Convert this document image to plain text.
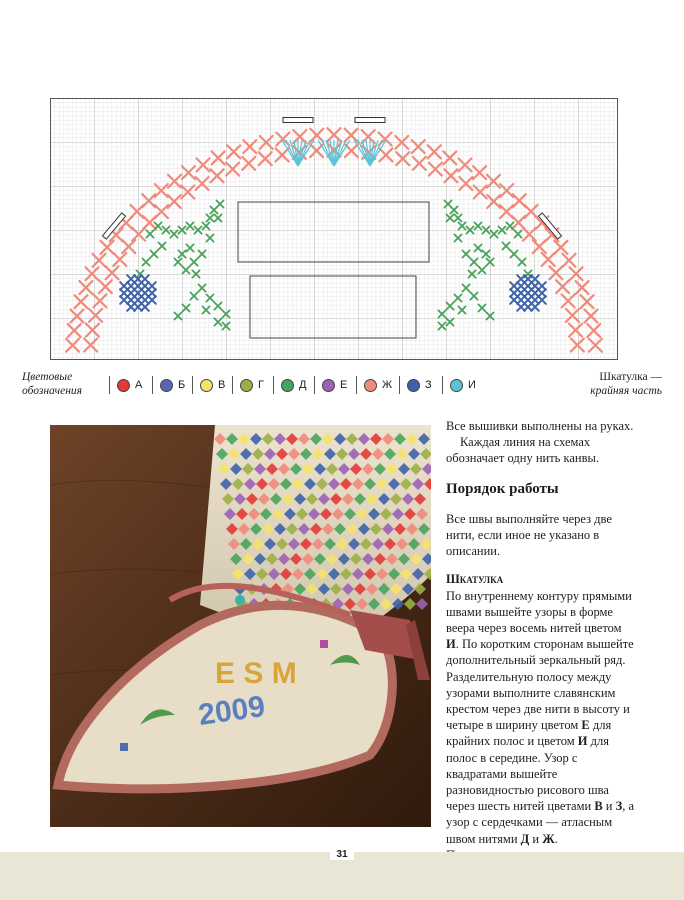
Цветовые
обозначения	А	Б	В	Г	Д	Е	Ж	З	И
Шкатулка —
крайняя часть
E S M
2009

Все вышивки выполнены на руках.

Каждая линия на схемах обозначает одну нить канвы.

Порядок работы

Все швы выполняйте через две нити, если иное не указано в описании.

Шкатулка

По внутреннему контуру прямыми швами вышейте узоры в форме веера через восемь нитей цветом И. По коротким сторонам вышейте дополнительный зеркальный ряд. Разделительную полосу между узорами выполните славянским крестом через две нити в высоту и четыре в ширину цветом Е для крайних полос и цветом И для полос в середине. Узор с квадратами вышейте разновидностью рисового шва через шесть нитей цветами В и З, а узор с сердечками — атласным швом нитями Д и Ж.

31
